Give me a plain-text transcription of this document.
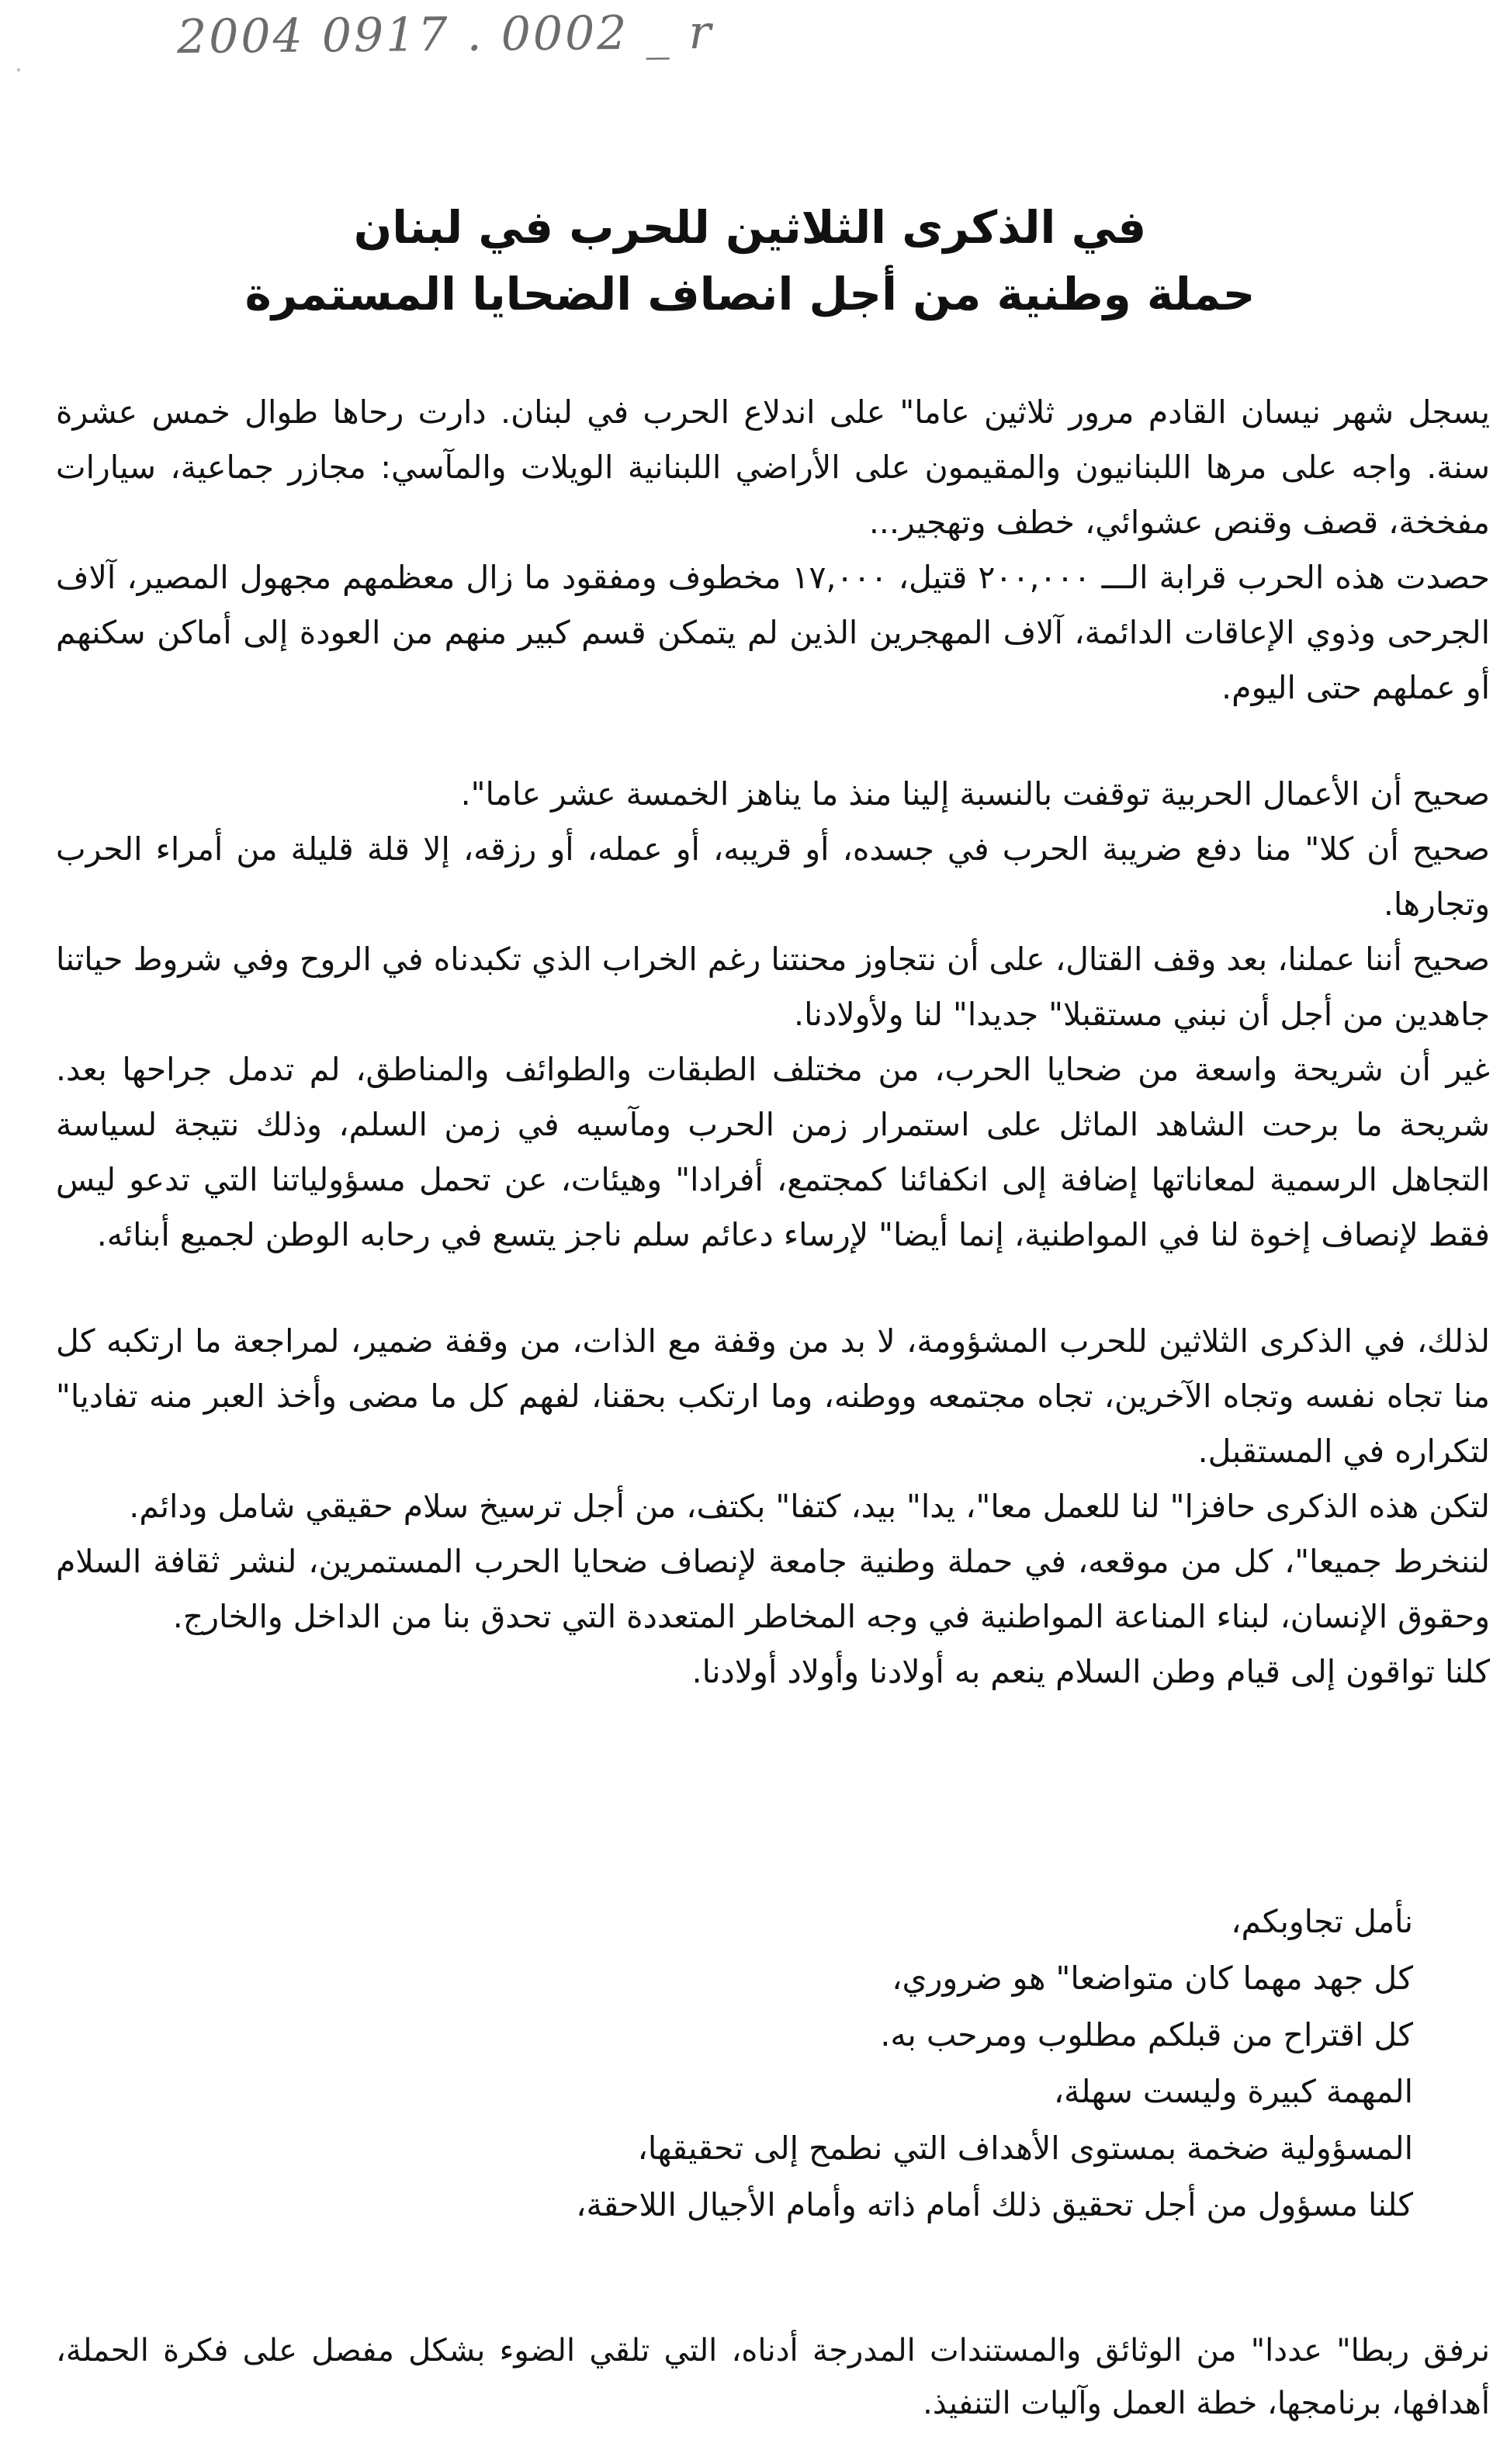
2004 0917 . 0002 _ r
في الذكرى الثلاثين للحرب في لبنان
حملة وطنية من أجل انصاف الضحايا المستمرة

يسجل شهر نيسان القادم مرور ثلاثين عاما" على اندلاع الحرب في لبنان. دارت رحاها طوال خمس عشرة سنة. واجه على مرها اللبنانيون والمقيمون على الأراضي اللبنانية الويلات والمآسي: مجازر جماعية، سيارات مفخخة، قصف وقنص عشوائي، خطف وتهجير...

حصدت هذه الحرب قرابة الـــ ٢٠٠,٠٠٠ قتيل، ١٧,٠٠٠ مخطوف ومفقود ما زال معظمهم مجهول المصير، آلاف الجرحى وذوي الإعاقات الدائمة، آلاف المهجرين الذين لم يتمكن قسم كبير منهم من العودة إلى أماكن سكنهم أو عملهم حتى اليوم.

صحيح أن الأعمال الحربية توقفت بالنسبة إلينا منذ ما يناهز الخمسة عشر عاما".

صحيح أن كلا" منا دفع ضريبة الحرب في جسده، أو قريبه، أو عمله، أو رزقه، إلا قلة قليلة من أمراء الحرب وتجارها.

صحيح أننا عملنا، بعد وقف القتال، على أن نتجاوز محنتنا رغم الخراب الذي تكبدناه في الروح وفي شروط حياتنا جاهدين من أجل أن نبني مستقبلا" جديدا" لنا ولأولادنا.

غير أن شريحة واسعة من ضحايا الحرب، من مختلف الطبقات والطوائف والمناطق، لم تدمل جراحها بعد. شريحة ما برحت الشاهد الماثل على استمرار زمن الحرب ومآسيه في زمن السلم، وذلك نتيجة لسياسة التجاهل الرسمية لمعاناتها إضافة إلى انكفائنا كمجتمع، أفرادا" وهيئات، عن تحمل مسؤولياتنا التي تدعو ليس فقط لإنصاف إخوة لنا في المواطنية، إنما أيضا" لإرساء دعائم سلم ناجز يتسع في رحابه الوطن لجميع أبنائه.

لذلك، في الذكرى الثلاثين للحرب المشؤومة، لا بد من وقفة مع الذات، من وقفة ضمير، لمراجعة ما ارتكبه كل منا تجاه نفسه وتجاه الآخرين، تجاه مجتمعه ووطنه، وما ارتكب بحقنا، لفهم كل ما مضى وأخذ العبر منه تفاديا" لتكراره في المستقبل.

لتكن هذه الذكرى حافزا" لنا للعمل معا"، يدا" بيد، كتفا" بكتف، من أجل ترسيخ سلام حقيقي شامل ودائم.

لننخرط جميعا"، كل من موقعه، في حملة وطنية جامعة لإنصاف ضحايا الحرب المستمرين، لنشر ثقافة السلام وحقوق الإنسان، لبناء المناعة المواطنية في وجه المخاطر المتعددة التي تحدق بنا من الداخل والخارج.

كلنا تواقون إلى قيام وطن السلام ينعم به أولادنا وأولاد أولادنا.

نأمل تجاوبكم،
كل جهد مهما كان متواضعا" هو ضروري،
كل اقتراح من قبلكم مطلوب ومرحب به.
المهمة كبيرة وليست سهلة،
المسؤولية ضخمة بمستوى الأهداف التي نطمح إلى تحقيقها،
كلنا مسؤول من أجل تحقيق ذلك أمام ذاته وأمام الأجيال اللاحقة،
نرفق ربطا" عددا" من الوثائق والمستندات المدرجة أدناه، التي تلقي الضوء بشكل مفصل على فكرة الحملة، أهدافها، برنامجها، خطة العمل وآليات التنفيذ.
